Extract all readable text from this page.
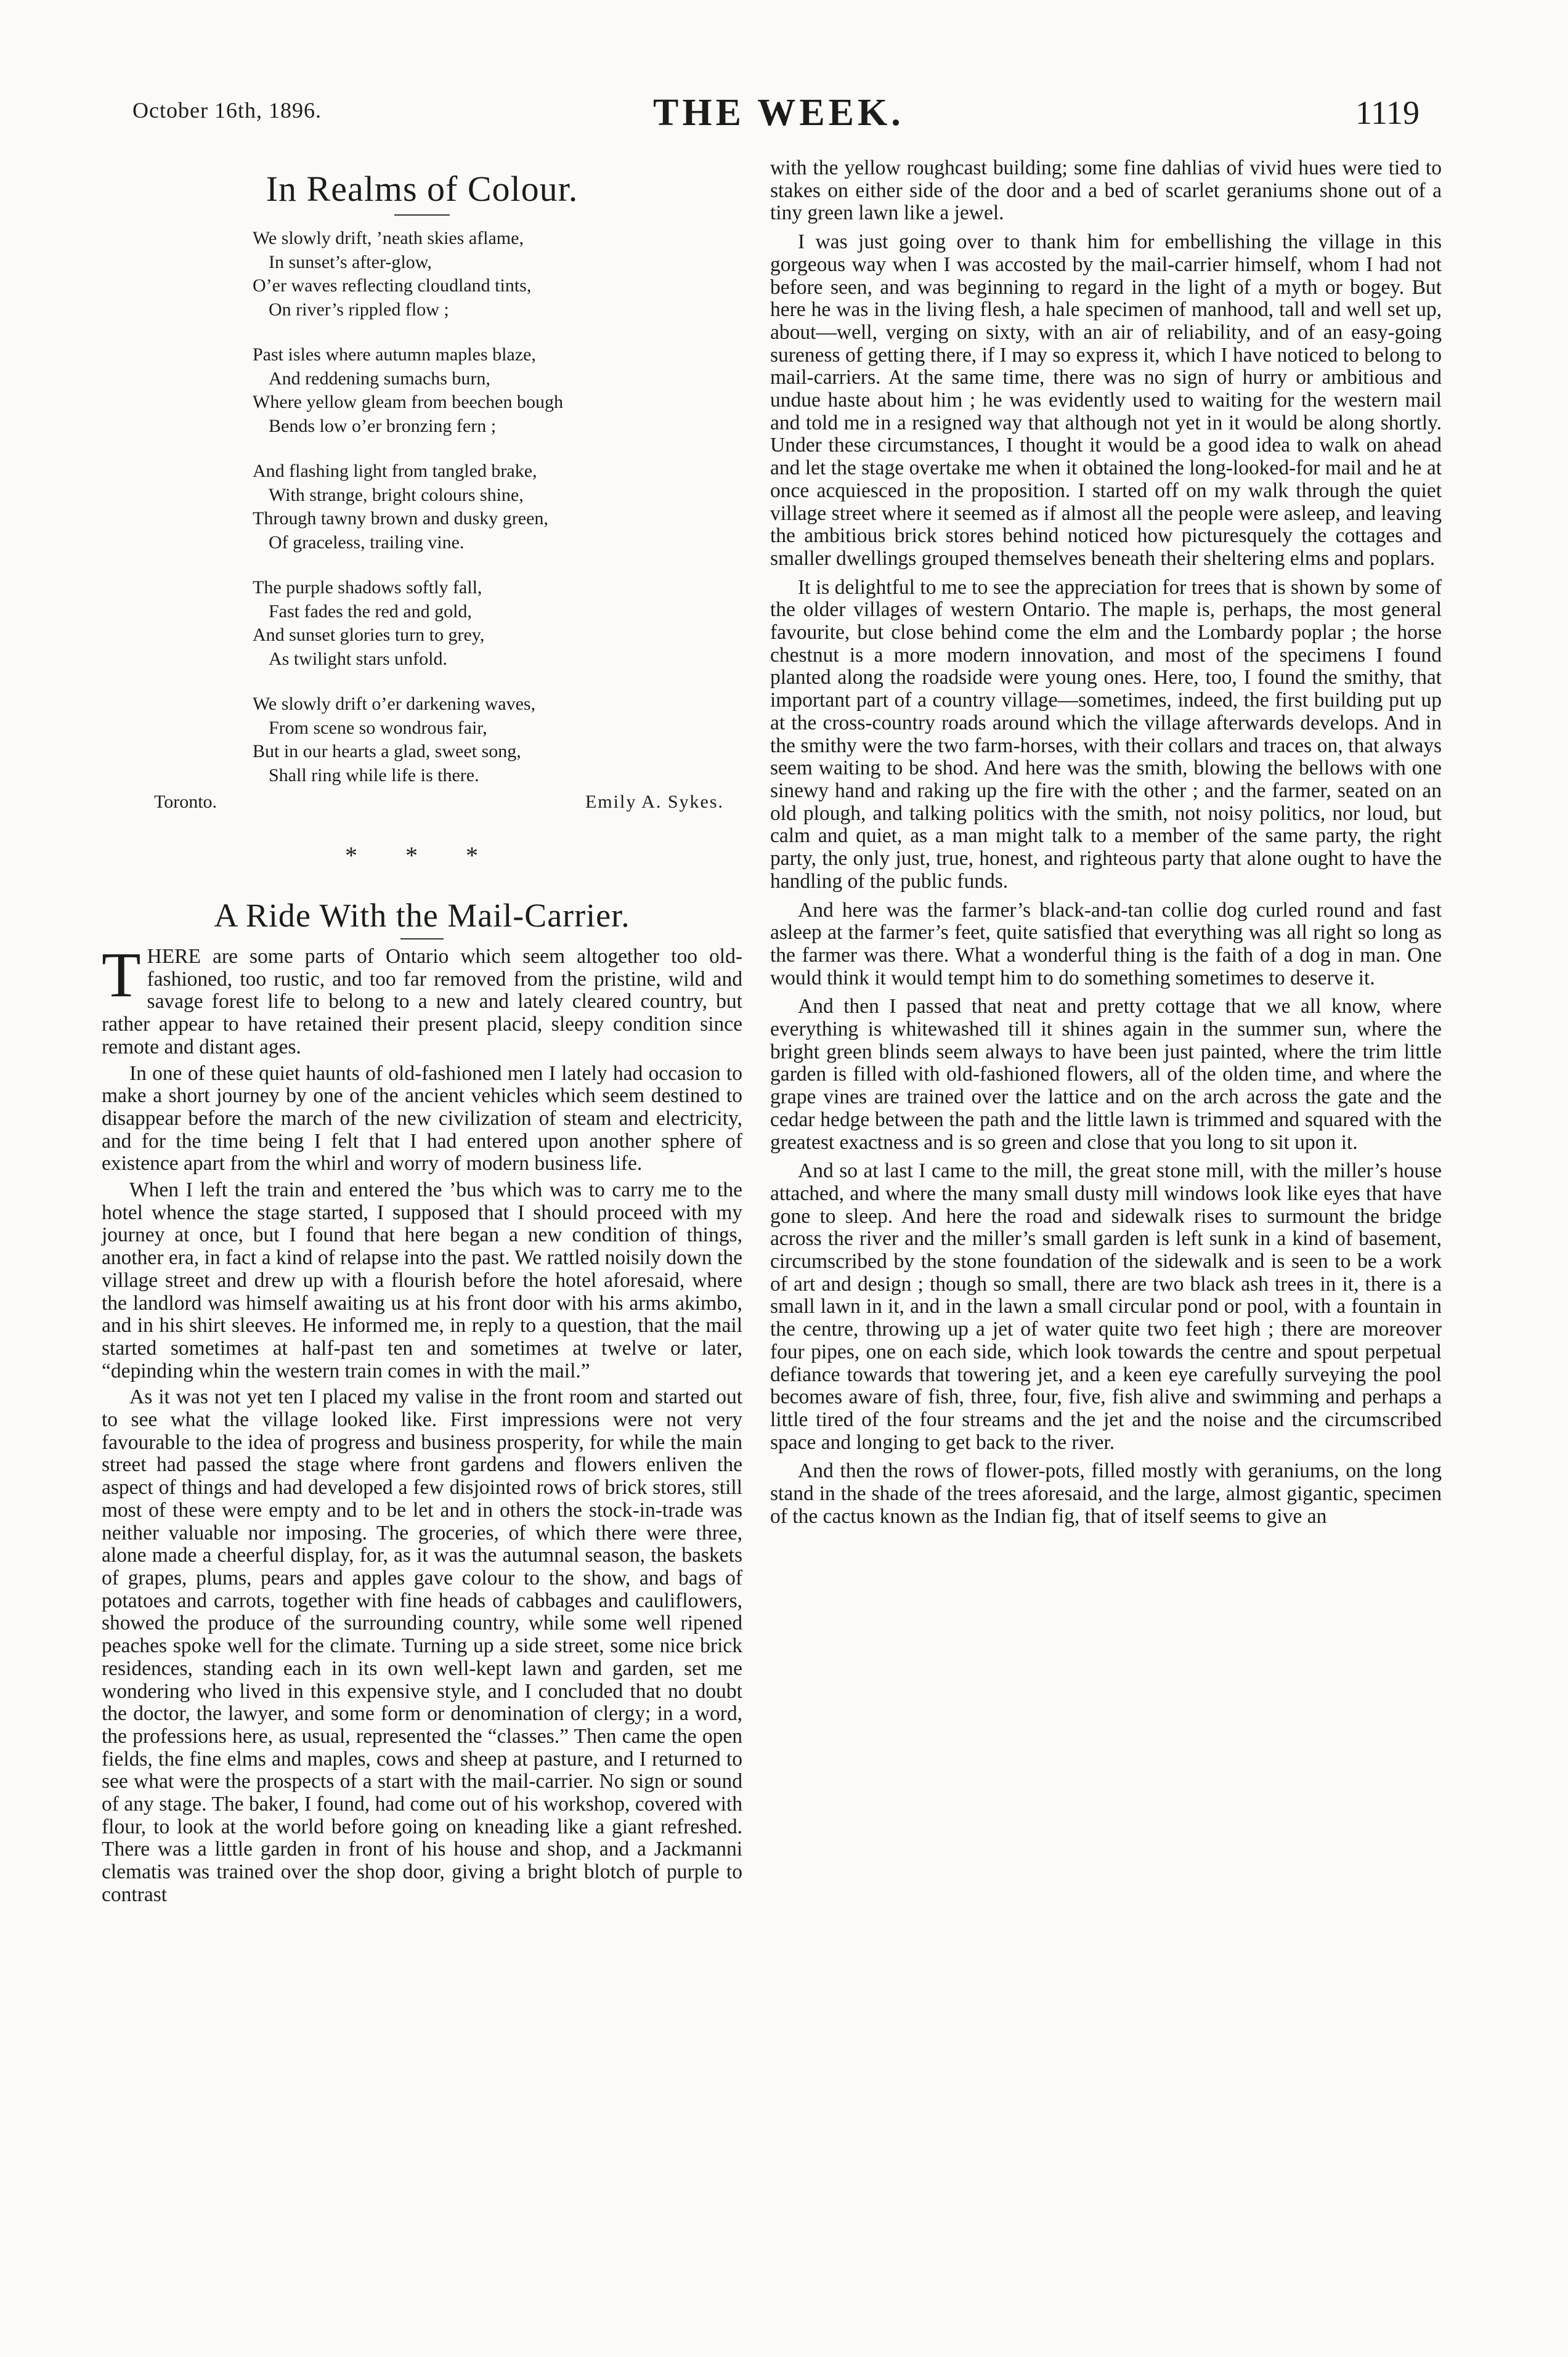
October 16th, 1896.	THE WEEK.	1119
In Realms of Colour.
We slowly drift, ’neath skies aflame,
In sunset’s after-glow,
O’er waves reflecting cloudland tints,
On river’s rippled flow ;
Past isles where autumn maples blaze,
And reddening sumachs burn,
Where yellow gleam from beechen bough
Bends low o’er bronzing fern ;
And flashing light from tangled brake,
With strange, bright colours shine,
Through tawny brown and dusky green,
Of graceless, trailing vine.
The purple shadows softly fall,
Fast fades the red and gold,
And sunset glories turn to grey,
As twilight stars unfold.
We slowly drift o’er darkening waves,
From scene so wondrous fair,
But in our hearts a glad, sweet song,
Shall ring while life is there.
Toronto.	Emily A. Sykes.
* * *
A Ride With the Mail-Carrier.

THERE are some parts of Ontario which seem altogether too old-fashioned, too rustic, and too far removed from the pristine, wild and savage forest life to belong to a new and lately cleared country, but rather appear to have retained their present placid, sleepy condition since remote and distant ages.

In one of these quiet haunts of old-fashioned men I lately had occasion to make a short journey by one of the ancient vehicles which seem destined to disappear before the march of the new civilization of steam and electricity, and for the time being I felt that I had entered upon another sphere of existence apart from the whirl and worry of modern business life.

When I left the train and entered the ’bus which was to carry me to the hotel whence the stage started, I supposed that I should proceed with my journey at once, but I found that here began a new condition of things, another era, in fact a kind of relapse into the past. We rattled noisily down the village street and drew up with a flourish before the hotel aforesaid, where the landlord was himself awaiting us at his front door with his arms akimbo, and in his shirt sleeves. He informed me, in reply to a question, that the mail started sometimes at half-past ten and sometimes at twelve or later, “depinding whin the western train comes in with the mail.”

As it was not yet ten I placed my valise in the front room and started out to see what the village looked like. First impressions were not very favourable to the idea of progress and business prosperity, for while the main street had passed the stage where front gardens and flowers enliven the aspect of things and had developed a few disjointed rows of brick stores, still most of these were empty and to be let and in others the stock-in-trade was neither valuable nor imposing. The groceries, of which there were three, alone made a cheerful display, for, as it was the autumnal season, the baskets of grapes, plums, pears and apples gave colour to the show, and bags of potatoes and carrots, together with fine heads of cabbages and cauliflowers, showed the produce of the surrounding country, while some well ripened peaches spoke well for the climate. Turning up a side street, some nice brick residences, standing each in its own well-kept lawn and garden, set me wondering who lived in this expensive style, and I concluded that no doubt the doctor, the lawyer, and some form or denomination of clergy; in a word, the professions here, as usual, represented the “classes.” Then came the open fields, the fine elms and maples, cows and sheep at pasture, and I returned to see what were the prospects of a start with the mail-carrier. No sign or sound of any stage. The baker, I found, had come out of his workshop, covered with flour, to look at the world before going on kneading like a giant refreshed. There was a little garden in front of his house and shop, and a Jackmanni clematis was trained over the shop door, giving a bright blotch of purple to contrast

with the yellow roughcast building; some fine dahlias of vivid hues were tied to stakes on either side of the door and a bed of scarlet geraniums shone out of a tiny green lawn like a jewel.

I was just going over to thank him for embellishing the village in this gorgeous way when I was accosted by the mail-carrier himself, whom I had not before seen, and was beginning to regard in the light of a myth or bogey. But here he was in the living flesh, a hale specimen of manhood, tall and well set up, about—well, verging on sixty, with an air of reliability, and of an easy-going sureness of getting there, if I may so express it, which I have noticed to belong to mail-carriers. At the same time, there was no sign of hurry or ambitious and undue haste about him ; he was evidently used to waiting for the western mail and told me in a resigned way that although not yet in it would be along shortly. Under these circumstances, I thought it would be a good idea to walk on ahead and let the stage overtake me when it obtained the long-looked-for mail and he at once acquiesced in the proposition. I started off on my walk through the quiet village street where it seemed as if almost all the people were asleep, and leaving the ambitious brick stores behind noticed how picturesquely the cottages and smaller dwellings grouped themselves beneath their sheltering elms and poplars.

It is delightful to me to see the appreciation for trees that is shown by some of the older villages of western Ontario. The maple is, perhaps, the most general favourite, but close behind come the elm and the Lombardy poplar ; the horse chestnut is a more modern innovation, and most of the specimens I found planted along the roadside were young ones. Here, too, I found the smithy, that important part of a country village—sometimes, indeed, the first building put up at the cross-country roads around which the village afterwards develops. And in the smithy were the two farm-horses, with their collars and traces on, that always seem waiting to be shod. And here was the smith, blowing the bellows with one sinewy hand and raking up the fire with the other ; and the farmer, seated on an old plough, and talking politics with the smith, not noisy politics, nor loud, but calm and quiet, as a man might talk to a member of the same party, the right party, the only just, true, honest, and righteous party that alone ought to have the handling of the public funds.

And here was the farmer’s black-and-tan collie dog curled round and fast asleep at the farmer’s feet, quite satisfied that everything was all right so long as the farmer was there. What a wonderful thing is the faith of a dog in man. One would think it would tempt him to do something sometimes to deserve it.

And then I passed that neat and pretty cottage that we all know, where everything is whitewashed till it shines again in the summer sun, where the bright green blinds seem always to have been just painted, where the trim little garden is filled with old-fashioned flowers, all of the olden time, and where the grape vines are trained over the lattice and on the arch across the gate and the cedar hedge between the path and the little lawn is trimmed and squared with the greatest exactness and is so green and close that you long to sit upon it.

And so at last I came to the mill, the great stone mill, with the miller’s house attached, and where the many small dusty mill windows look like eyes that have gone to sleep. And here the road and sidewalk rises to surmount the bridge across the river and the miller’s small garden is left sunk in a kind of basement, circumscribed by the stone foundation of the sidewalk and is seen to be a work of art and design ; though so small, there are two black ash trees in it, there is a small lawn in it, and in the lawn a small circular pond or pool, with a fountain in the centre, throwing up a jet of water quite two feet high ; there are moreover four pipes, one on each side, which look towards the centre and spout perpetual defiance towards that towering jet, and a keen eye carefully surveying the pool becomes aware of fish, three, four, five, fish alive and swimming and perhaps a little tired of the four streams and the jet and the noise and the circumscribed space and longing to get back to the river.

And then the rows of flower-pots, filled mostly with geraniums, on the long stand in the shade of the trees aforesaid, and the large, almost gigantic, specimen of the cactus known as the Indian fig, that of itself seems to give an
